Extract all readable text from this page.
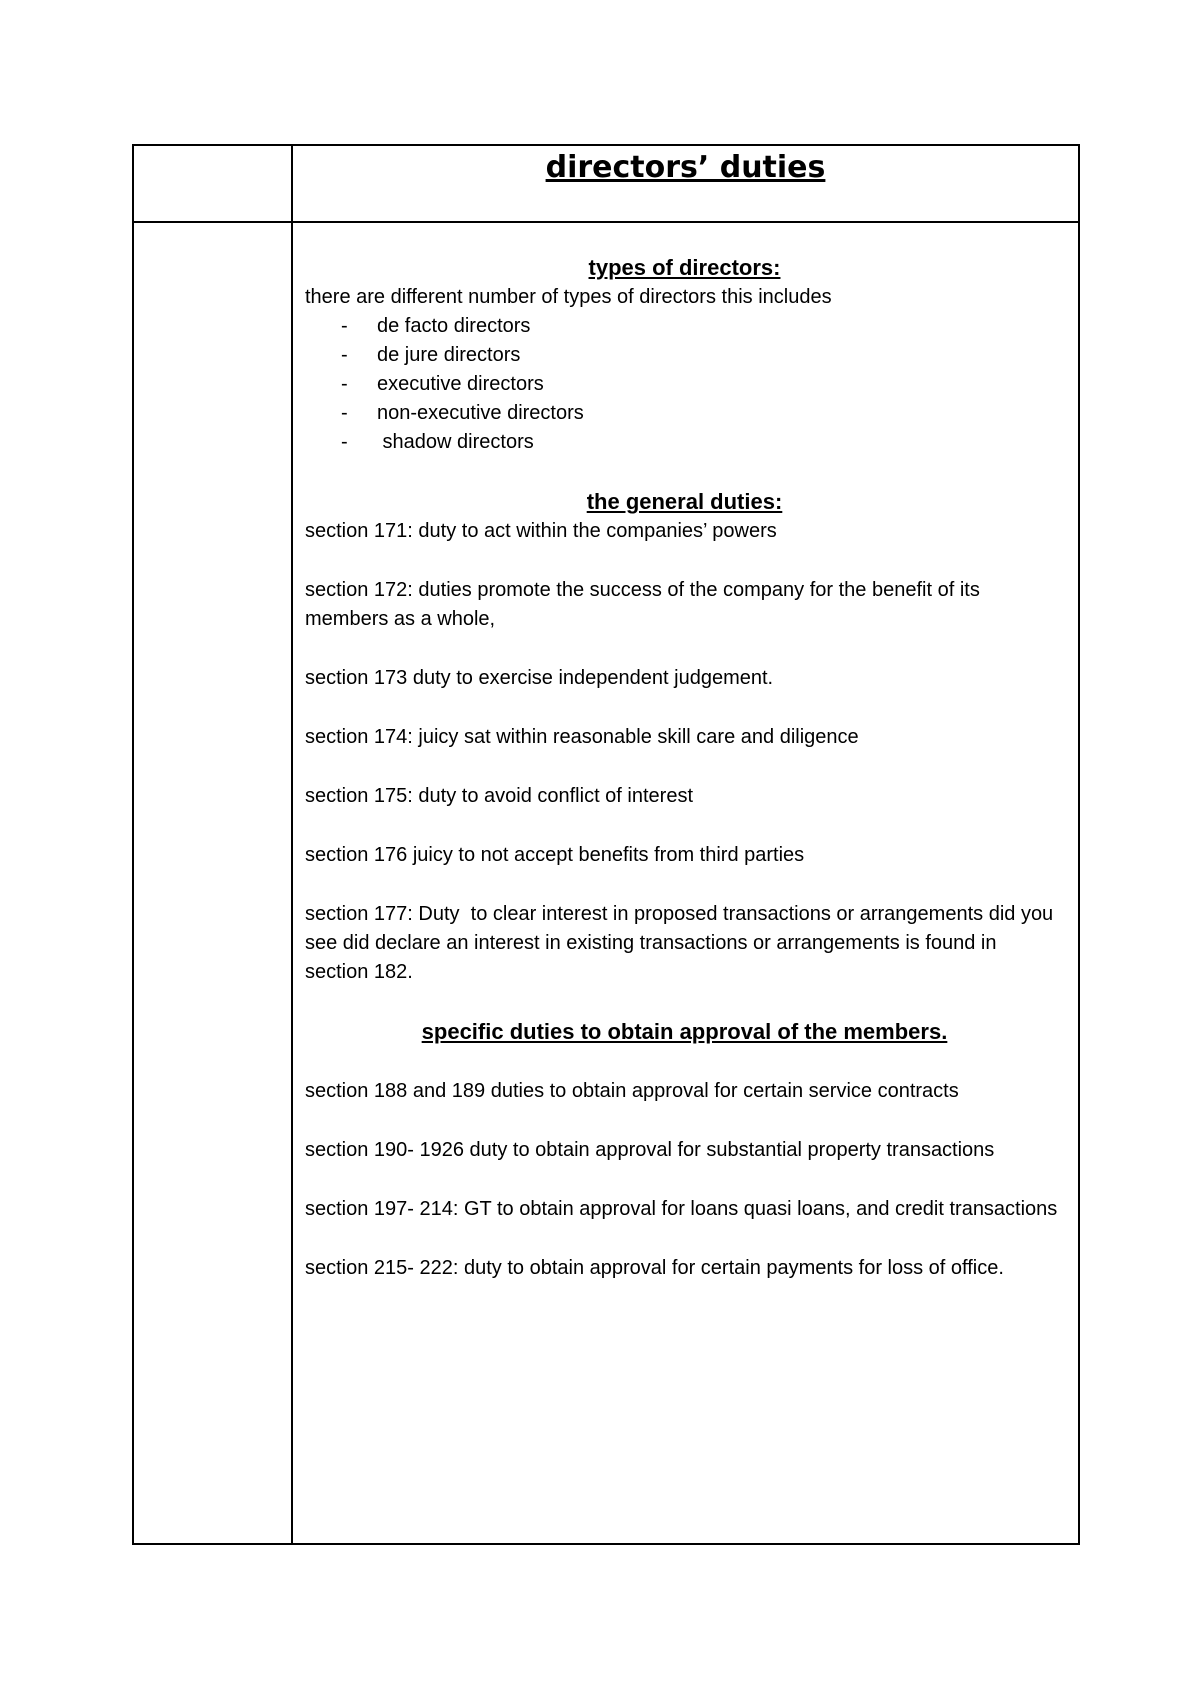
directors’ duties
types of directors:

there are different number of types of directors this includes

- de facto directors
- de jure directors
- executive directors
- non-executive directors
- shadow directors
the general duties:

section 171: duty to act within the companies’ powers

section 172: duties promote the success of the company for the benefit of its members as a whole,

section 173 duty to exercise independent judgement.

section 174: juicy sat within reasonable skill care and diligence

section 175: duty to avoid conflict of interest

section 176 juicy to not accept benefits from third parties

section 177: Duty  to clear interest in proposed transactions or arrangements did you see did declare an interest in existing transactions or arrangements is found in section 182.

specific duties to obtain approval of the members.

section 188 and 189 duties to obtain approval for certain service contracts

section 190- 1926 duty to obtain approval for substantial property transactions

section 197- 214: GT to obtain approval for loans quasi loans, and credit transactions

section 215- 222: duty to obtain approval for certain payments for loss of office.
